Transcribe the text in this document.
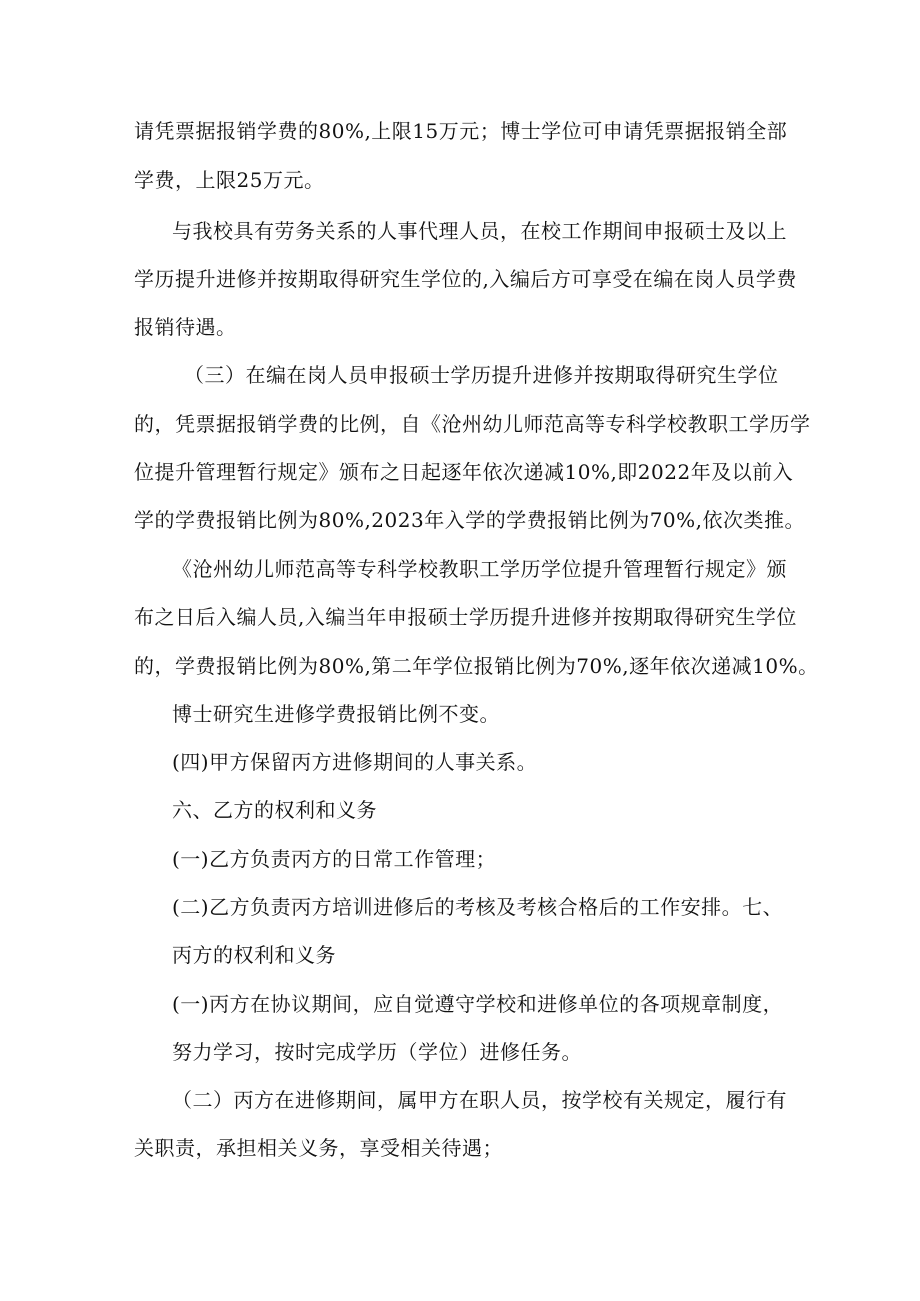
请凭票据报销学费的80%,上限15万元；博士学位可申请凭票据报销全部
学费，上限25万元。
与我校具有劳务关系的人事代理人员，在校工作期间申报硕士及以上
学历提升进修并按期取得研究生学位的,入编后方可享受在编在岗人员学费
报销待遇。
（三）在编在岗人员申报硕士学历提升进修并按期取得研究生学位
的，凭票据报销学费的比例，自《沧州幼儿师范高等专科学校教职工学历学
位提升管理暂行规定》颁布之日起逐年依次递减10%,即2022年及以前入
学的学费报销比例为80%,2023年入学的学费报销比例为70%,依次类推。
《沧州幼儿师范高等专科学校教职工学历学位提升管理暂行规定》颁
布之日后入编人员,入编当年申报硕士学历提升进修并按期取得研究生学位
的，学费报销比例为80%,第二年学位报销比例为70%,逐年依次递减10%。
博士研究生进修学费报销比例不变。
(四)甲方保留丙方进修期间的人事关系。
六、乙方的权利和义务
(一)乙方负责丙方的日常工作管理；
(二)乙方负责丙方培训进修后的考核及考核合格后的工作安排。七、
丙方的权利和义务
(一)丙方在协议期间，应自觉遵守学校和进修单位的各项规章制度，
努力学习，按时完成学历（学位）进修任务。
（二）丙方在进修期间，属甲方在职人员，按学校有关规定，履行有
关职责，承担相关义务，享受相关待遇；
